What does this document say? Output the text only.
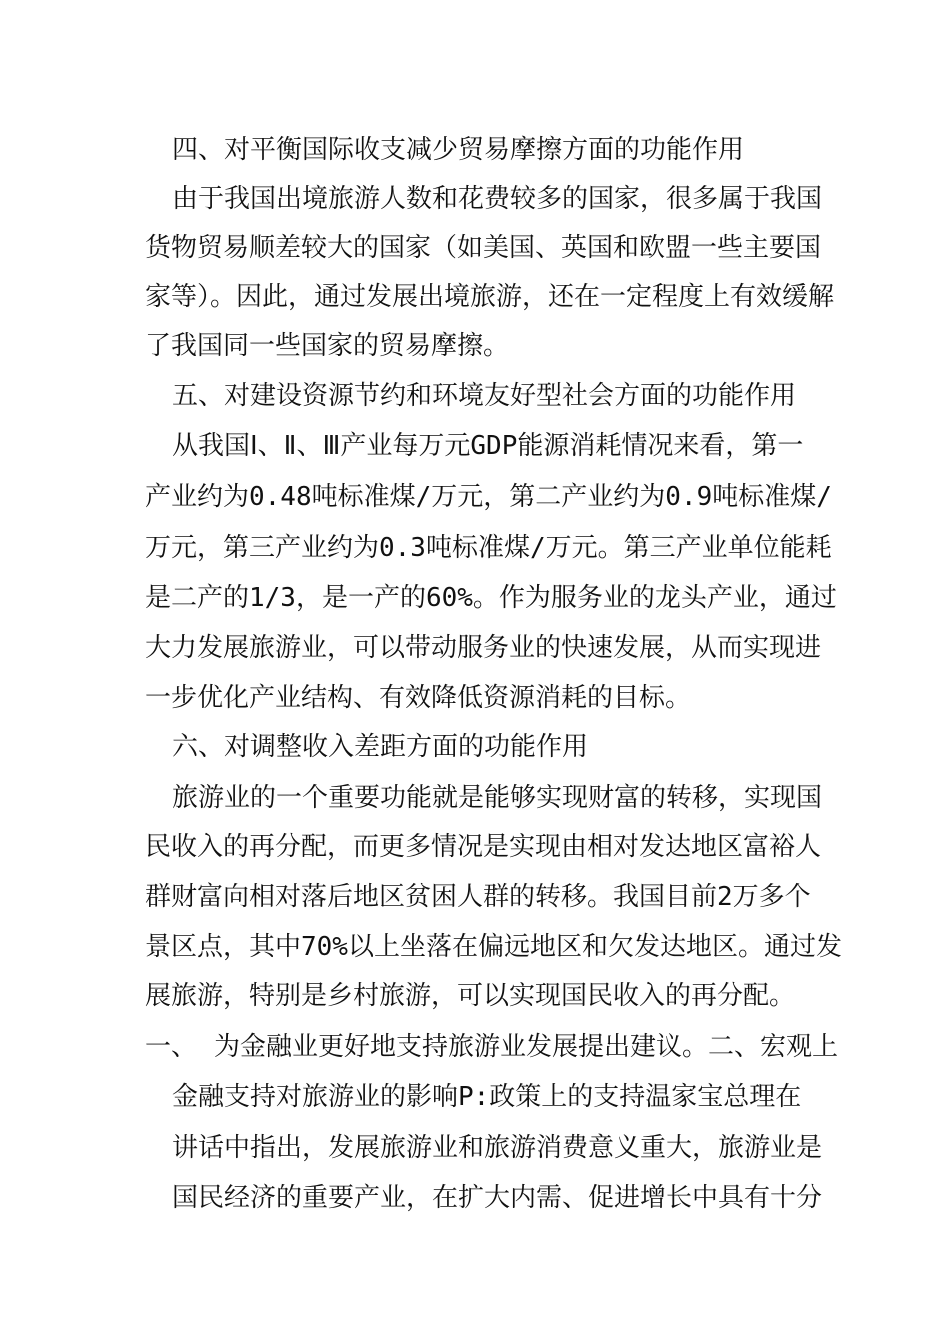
四、对平衡国际收支减少贸易摩擦方面的功能作用
由于我国出境旅游人数和花费较多的国家，很多属于我国
货物贸易顺差较大的国家（如美国、英国和欧盟一些主要国
家等）。因此，通过发展出境旅游，还在一定程度上有效缓解
了我国同一些国家的贸易摩擦。
五、对建设资源节约和环境友好型社会方面的功能作用
从我国Ⅰ、Ⅱ、Ⅲ产业每万元GDP能源消耗情况来看，第一
产业约为0.48吨标准煤/万元，第二产业约为0.9吨标准煤/
万元，第三产业约为0.3吨标准煤/万元。第三产业单位能耗
是二产的1/3，是一产的60%。作为服务业的龙头产业，通过
大力发展旅游业，可以带动服务业的快速发展，从而实现进
一步优化产业结构、有效降低资源消耗的目标。
六、对调整收入差距方面的功能作用
旅游业的一个重要功能就是能够实现财富的转移，实现国
民收入的再分配，而更多情况是实现由相对发达地区富裕人
群财富向相对落后地区贫困人群的转移。我国目前2万多个
景区点，其中70%以上坐落在偏远地区和欠发达地区。通过发
展旅游，特别是乡村旅游，可以实现国民收入的再分配。
一、 为金融业更好地支持旅游业发展提出建议。二、宏观上
金融支持对旅游业的影响P:政策上的支持温家宝总理在
讲话中指出，发展旅游业和旅游消费意义重大，旅游业是
国民经济的重要产业，在扩大内需、促进增长中具有十分
